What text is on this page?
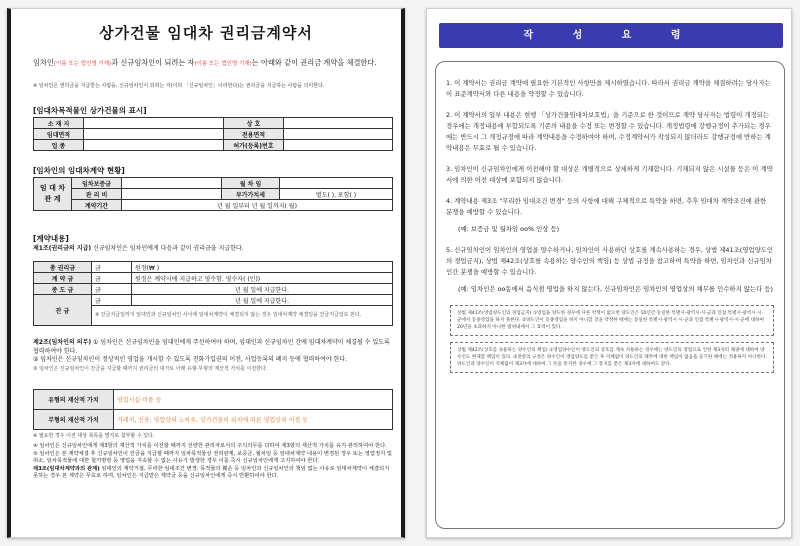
상가건물 임대차 권리금계약서
임차인(이름 또는 법인명 기재)과 신규임차인이 되려는 자(이름 또는 법인명 기재)는 아래와 같이 권리금 계약을 체결한다.
※ 임차인은 권리금을 지급받는 사람을, 신규임차인이 되려는 자(이하 「신규임차인」이라한다)는 권리금을 지급하는 사람을 의미한다.
[임대차목적물인 상가건물의 표시]
소 재 지		상 호	
임대면적		전용면적	
업 종		허가(등록)번호	
[임차인의 임대차계약 현황]
임 대 차 관 계	임차보증금		월 차 임	
	관 리 비		부가가치세	별도( ), 포함( )
	계약기간	년 월 일부터 년 월 일까지( 월)		
[계약내용]
제1조(권리금의 지급) 신규임차인은 임차인에게 다음과 같이 권리금을 지급한다.
총 권리금	금	원정(₩ )
계 약 금	금	원정은 계약시에 지급하고 영수함. 영수자( (인))
중 도 금	금	년 월 일에 지급한다.
잔 금	금	년 월 일에 지급한다.
	※ 잔금지급일까지 임대인과 신규임차인 사이에 임대차계약이 체결되지 않는 경우 임대차계약 체결일을 잔금지급일로 본다.	
제2조(임차인의 의무) ① 임차인은 신규임차인을 임대인에게 주선하여야 하며, 임대인과 신규임차인 간에 임대차계약이 체결될 수 있도록 협력하여야 한다.
② 임차인은 신규임차인이 정상적인 영업을 개시할 수 있도록 전화가입권의 이전, 사업등록의 폐지 등에 협력하여야 한다.
③ 임차인은 신규임차인이 잔금을 지급할 때까지 권리금의 대가로 아래 유형·무형의 재산적 가치를 이전한다.
유형의 재산적 가치	영업시설·비품 등
무형의 재산적 가치	거래처, 신용, 영업상의 노하우, 상가건물의 위치에 따른 영업상의 이점 등
※ 필요한 경우 이전 대상 목록을 별지로 첨부할 수 있다.
④ 임차인은 신규임차인에게 제3항의 재산적 가치를 이전할 때까지 선량한 관리자로서의 주의의무를 다하여 제3항의 재산적 가치를 유지·관리하여야 한다.
⑤ 임차인은 본 계약체결 후 신규임차인이 잔금을 지급할 때까지 임차목적물상 권리관계, 보증금, 월차임 등 임대차계약 내용이 변경된 경우 또는 영업정지 및 취소, 임차목적물에 대한 철거명령 등 영업을 지속할 수 없는 사유가 발생한 경우 이를 즉시 신규임차인에게 고지하여야 한다.
제3조(임대차계약과의 관계) 임대인의 계약거절, 무리한 임대조건 변경, 목적물의 훼손 등 임차인과 신규임차인의 책임 없는 사유로 임대차계약이 체결되지 못하는 경우 본 계약은 무효로 하며, 임차인은 지급받은 계약금 등을 신규임차인에게 즉시 반환하여야 한다.
작 성 요 령
1. 이 계약서는 권리금 계약에 필요한 기본적인 사항만을 제시하였습니다. 따라서 권리금 계약을 체결하려는 당사자는 이 표준계약서와 다른 내용을 약정할 수 있습니다.
2. 이 계약서의 일부 내용은 현행 「상가건물임대차보호법」을 기준으로 한 것이므로 계약 당사자는 법령이 개정되는 경우에는 개정내용에 부합되도록 기존의 내용을 수정 또는 변경할 수 있습니다. 개정법령에 강행규정이 추가되는 경우에는 반드시 그 개정규정에 따라 계약내용을 수정하여야 하며, 수정계약서가 작성되지 않더라도 강행규정에 반하는 계약내용은 무효로 될 수 있습니다.
3. 임차인이 신규임차인에게 이전해야 할 대상은 개별적으로 상세하게 기재합니다. 기재되지 않은 시설물 등은 이 계약서에 의한 이전 대상에 포함되지 않습니다.
4. 계약내용 제3조 "무리한 임대조건 변경" 등의 사항에 대해 구체적으로 특약을 하면, 추후 임대차 계약조건에 관한 분쟁을 예방할 수 있습니다.
(예: 보증금 및 월차임 oo% 인상 등)
5. 신규임차인이 임차인의 영업을 양수하거나, 임차인이 사용하던 상호를 계속사용하는 경우, 상법 제41조(영업양도인의 경업금지), 상법 제42조(상호를 속용하는 양수인의 책임) 등 상법 규정을 참고하여 특약을 하면, 임차인과 신규임차인간 분쟁을 예방할 수 있습니다.
(예: 임차인은 oo동에서 음식점 영업을 하지 않는다, 신규임차인은 임차인의 영업상의 채무를 인수하지 않는다 등)
상법 제41조(영업양도인의 경업금지) ①영업을 양도한 경우에 다른 약정이 없으면 양도인은 10년간 동일한 특별시·광역시·시·군과 인접 특별시·광역시·시·군에서 동종영업을 하지 못한다. ②양도인이 동종영업을 하지 아니할 것을 약정한 때에는 동일한 특별시·광역시·시·군과 인접 특별시·광역시·시·군에 대하여 20년을 초과하지 아니한 범위내에서 그 효력이 있다.
상법 제42조(상호를 속용하는 양수인의 책임) ①영업양수인이 양도인의 상호를 계속 사용하는 경우에는 양도인의 영업으로 인한 제3자의 채권에 대하여 양수인도 변제할 책임이 있다. ②전항의 규정은 양수인이 영업양도를 받은 후 지체없이 양도인의 채무에 대한 책임이 없음을 등기한 때에는 적용하지 아니한다. 양도인과 양수인이 지체없이 제3자에 대하여 그 뜻을 통지한 경우에 그 통지를 받은 제3자에 대하여도 같다.
